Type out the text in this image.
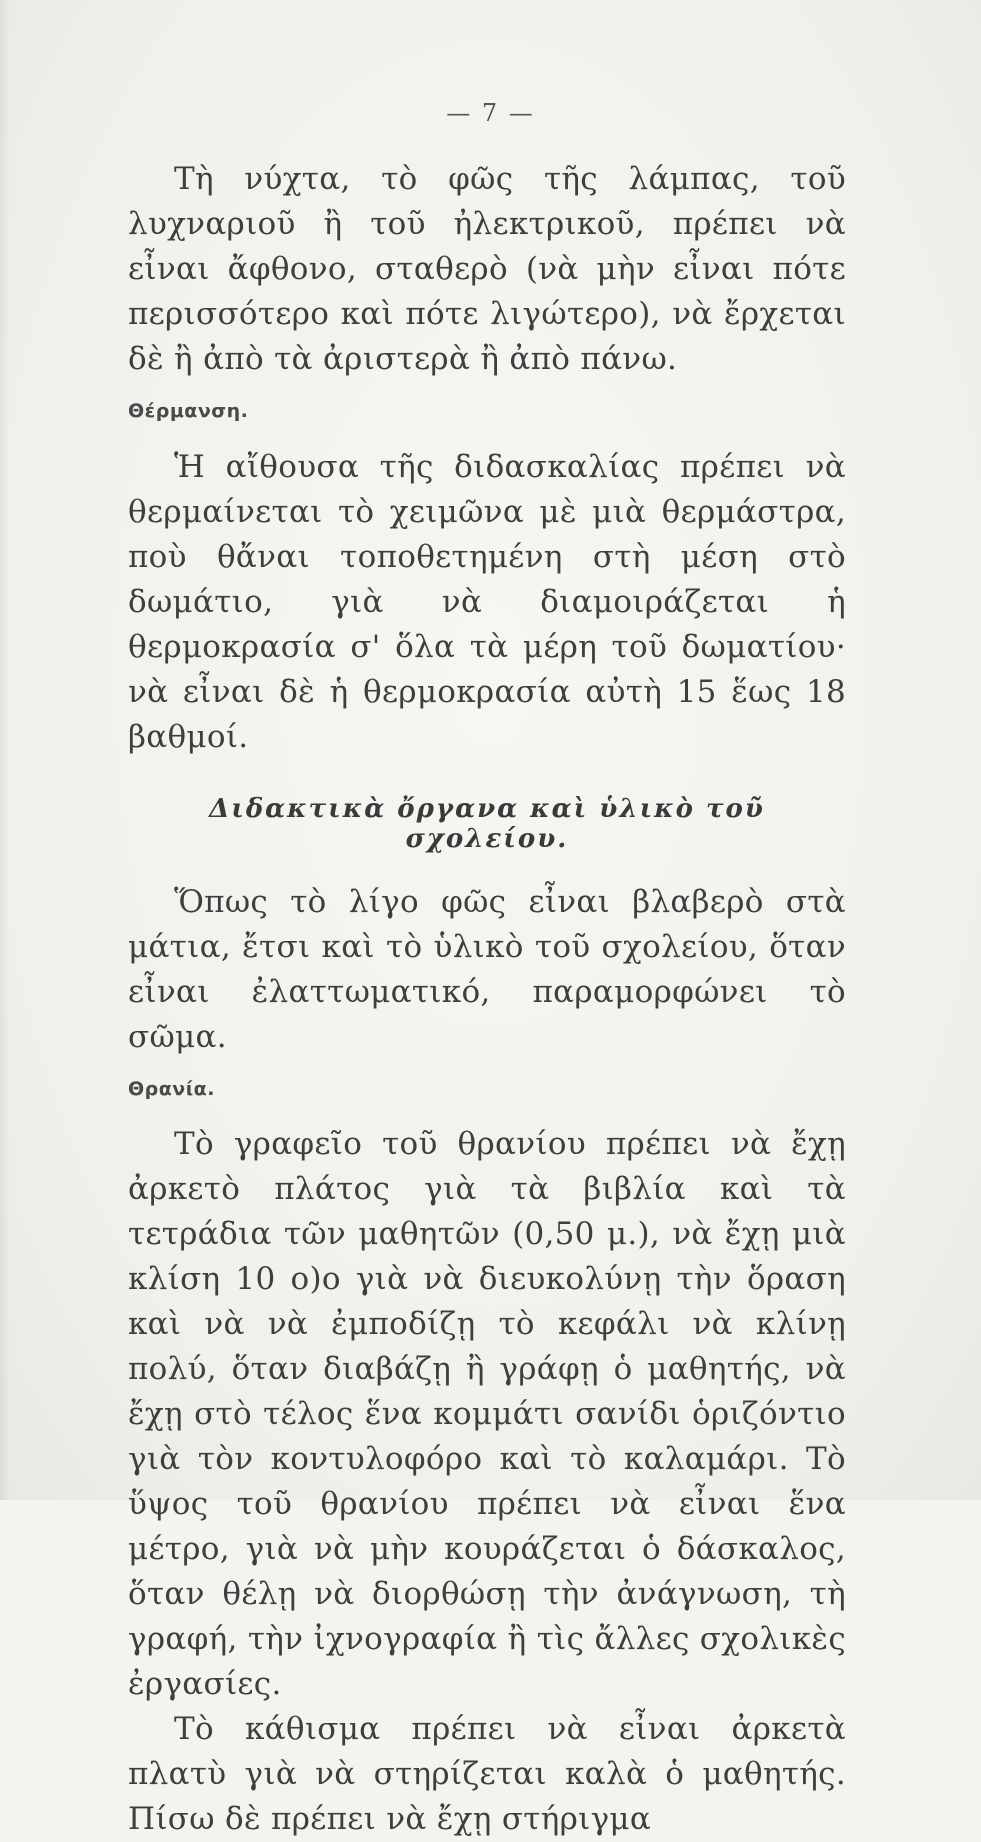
— 7 —

Τὴ νύχτα, τὸ φῶς τῆς λάμπας, τοῦ λυχναριοῦ ἢ τοῦ ἠλεκτρικοῦ, πρέπει νὰ εἶναι ἄφθονο, σταθερὸ (νὰ μὴν εἶναι πότε περισσότερο καὶ πότε λιγώτερο), νὰ ἔρχεται δὲ ἢ ἀπὸ τὰ ἀριστερὰ ἢ ἀπὸ πάνω.

Θέρμανση.

Ἡ αἴθουσα τῆς διδασκαλίας πρέπει νὰ θερμαίνεται τὸ χειμῶνα μὲ μιὰ θερμάστρα, ποὺ θἄναι τοποθετημένη στὴ μέση στὸ δωμάτιο, γιὰ νὰ διαμοιράζεται ἡ θερμοκρασία σ' ὅλα τὰ μέρη τοῦ δωματίου· νὰ εἶναι δὲ ἡ θερμοκρασία αὐτὴ 15 ἕως 18 βαθμοί.

Διδακτικὰ ὄργανα καὶ ὑλικὸ τοῦ σχολείου.

Ὅπως τὸ λίγο φῶς εἶναι βλαβερὸ στὰ μάτια, ἔτσι καὶ τὸ ὑλικὸ τοῦ σχολείου, ὅταν εἶναι ἐλαττωματικό, παραμορφώνει τὸ σῶμα.

Θρανία.

Τὸ γραφεῖο τοῦ θρανίου πρέπει νὰ ἔχῃ ἀρκετὸ πλάτος γιὰ τὰ βιβλία καὶ τὰ τετράδια τῶν μαθητῶν (0,50 μ.), νὰ ἔχῃ μιὰ κλίση 10 ο)ο γιὰ νὰ διευκολύνῃ τὴν ὅραση καὶ νὰ νὰ ἐμποδίζῃ τὸ κεφάλι νὰ κλίνῃ πολύ, ὅταν διαβάζῃ ἢ γράφῃ ὁ μαθητής, νὰ ἔχῃ στὸ τέλος ἕνα κομμάτι σανίδι ὁριζόντιο γιὰ τὸν κοντυλοφόρο καὶ τὸ καλαμάρι. Τὸ ὕψος τοῦ θρανίου πρέπει νὰ εἶναι ἕνα μέτρο, γιὰ νὰ μὴν κουράζεται ὁ δάσκαλος, ὅταν θέλῃ νὰ διορθώσῃ τὴν ἀνάγνωση, τὴ γραφή, τὴν ἰχνογραφία ἢ τὶς ἄλλες σχολικὲς ἐργασίες.

Τὸ κάθισμα πρέπει νὰ εἶναι ἀρκετὰ πλατὺ γιὰ νὰ στηρίζεται καλὰ ὁ μαθητής. Πίσω δὲ πρέπει νὰ ἔχῃ στήριγμα
